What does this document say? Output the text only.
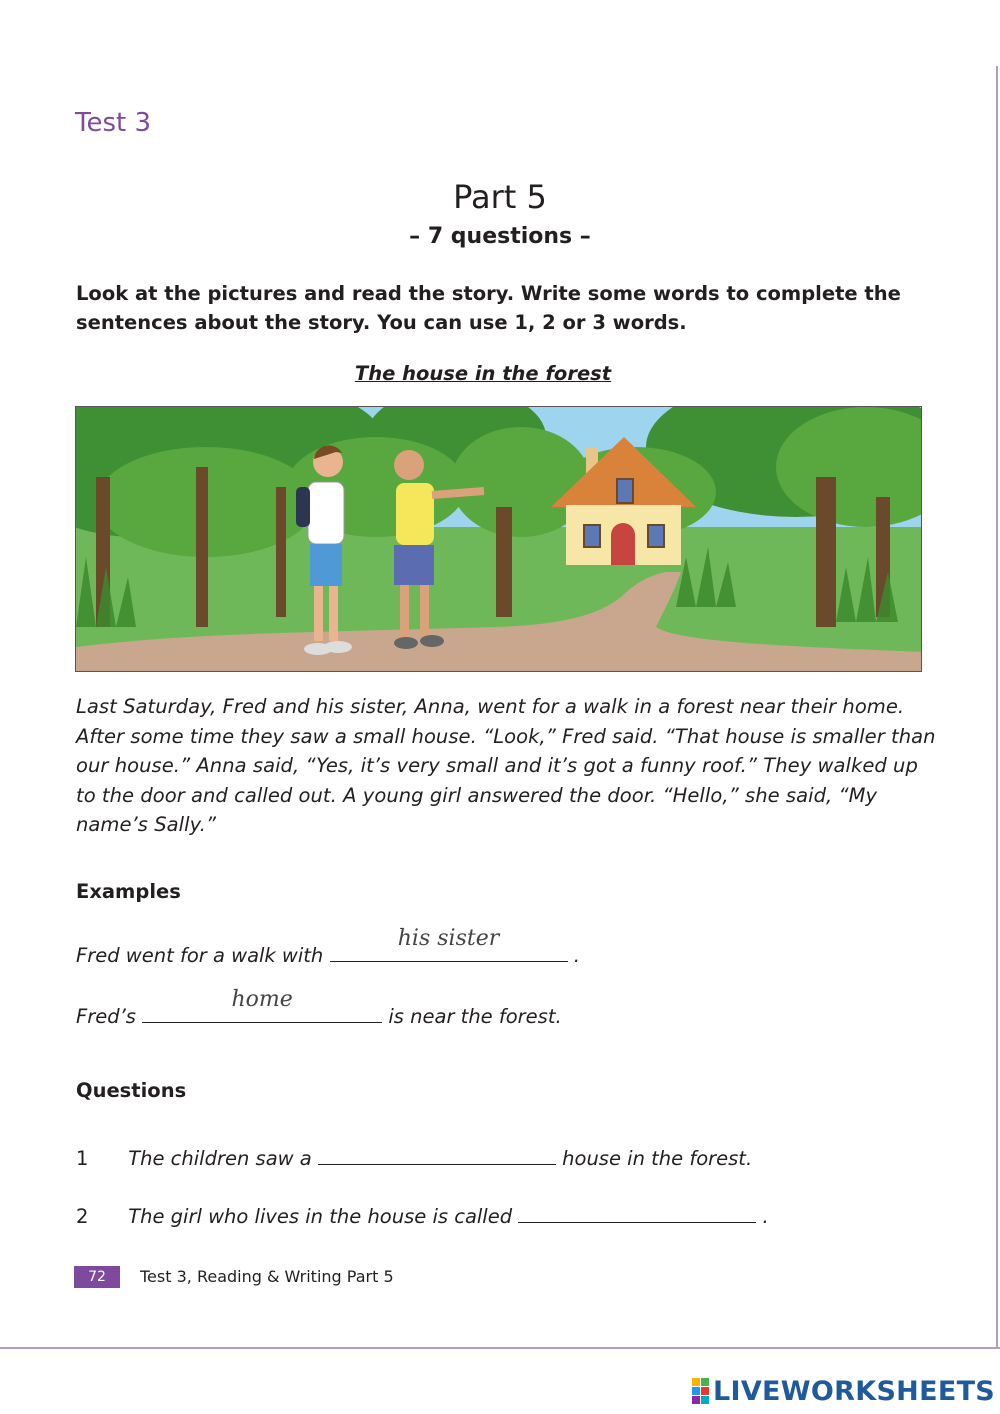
Test 3
Part 5
– 7 questions –
Look at the pictures and read the story. Write some words to complete the sentences about the story. You can use 1, 2 or 3 words.
The house in the forest
Last Saturday, Fred and his sister, Anna, went for a walk in a forest near their home. After some time they saw a small house. “Look,” Fred said. “That house is smaller than our house.” Anna said, “Yes, it’s very small and it’s got a funny roof.” They walked up to the door and called out. A young girl answered the door. “Hello,” she said, “My name’s Sally.”
Examples
Fred went for a walk with
his sister
.
Fred’s
home
is near the forest.
Questions
1 The children saw a	house in the forest.
2 The girl who lives in the house is called	.
72	Test 3, Reading & Writing Part 5
LIVEWORKSHEETS
